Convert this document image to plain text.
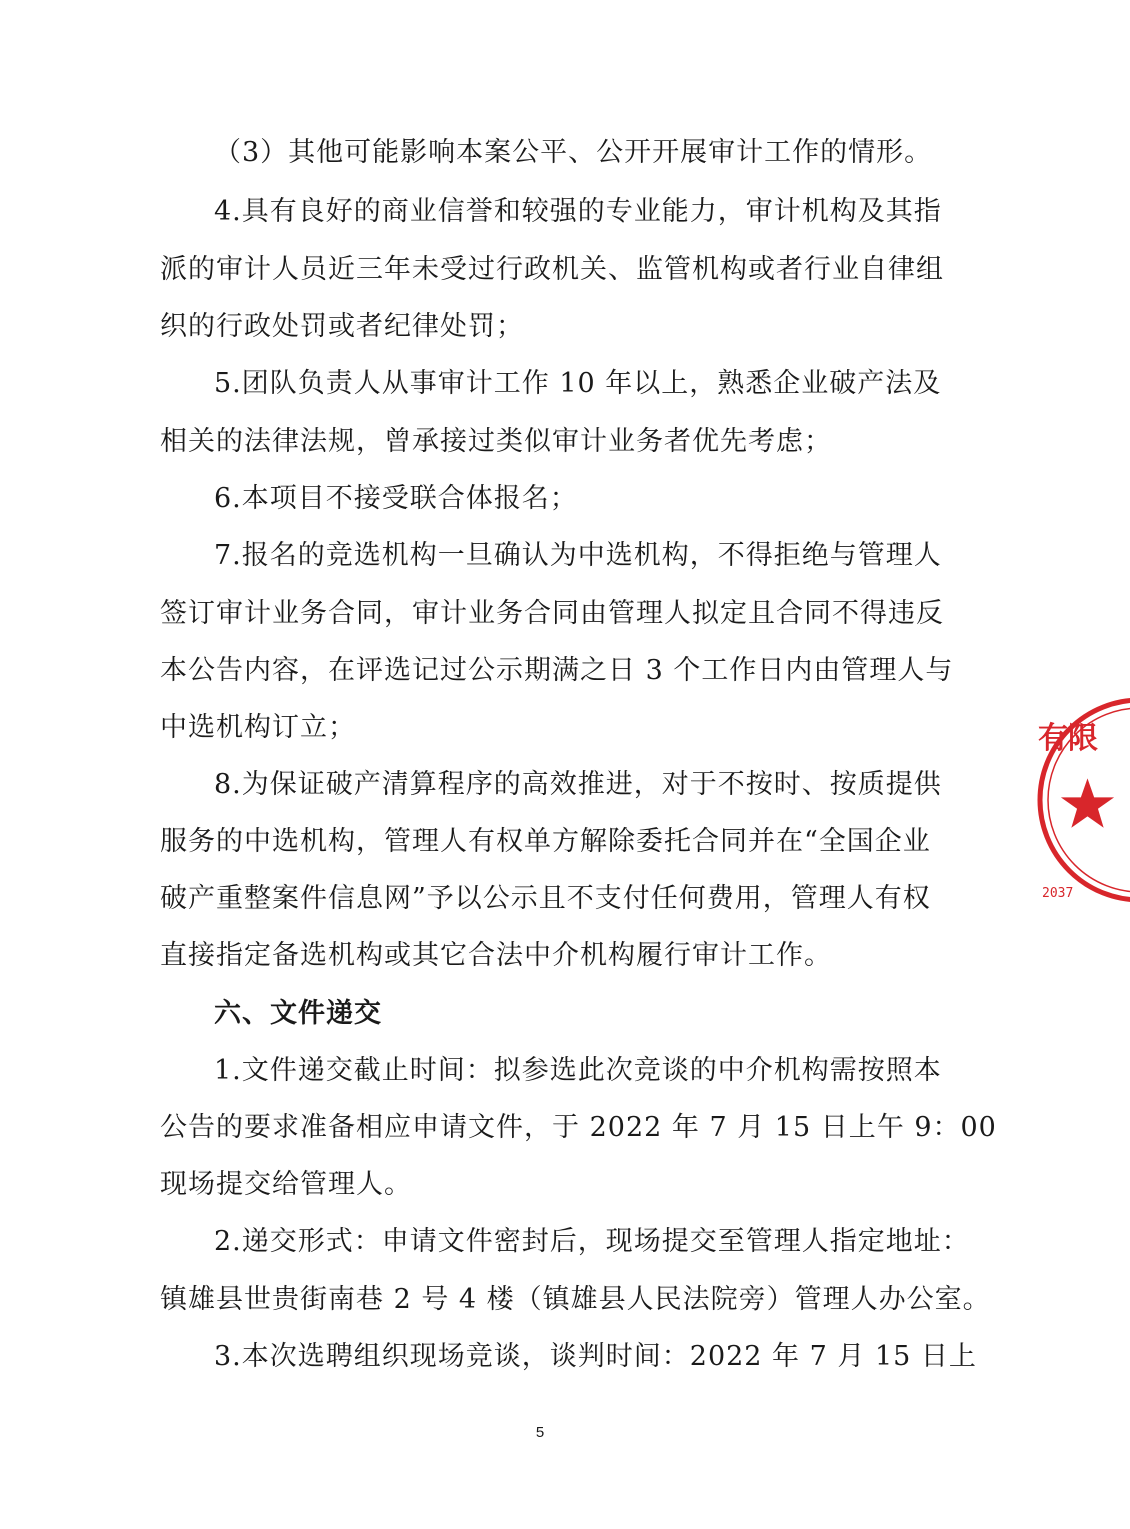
（3）其他可能影响本案公平、公开开展审计工作的情形。
4.具有良好的商业信誉和较强的专业能力，审计机构及其指
派的审计人员近三年未受过行政机关、监管机构或者行业自律组
织的行政处罚或者纪律处罚；
5.团队负责人从事审计工作 10 年以上，熟悉企业破产法及
相关的法律法规，曾承接过类似审计业务者优先考虑；
6.本项目不接受联合体报名；
7.报名的竞选机构一旦确认为中选机构，不得拒绝与管理人
签订审计业务合同，审计业务合同由管理人拟定且合同不得违反
本公告内容，在评选记过公示期满之日 3 个工作日内由管理人与
中选机构订立；
8.为保证破产清算程序的高效推进，对于不按时、按质提供
服务的中选机构，管理人有权单方解除委托合同并在“全国企业
破产重整案件信息网”予以公示且不支付任何费用，管理人有权
直接指定备选机构或其它合法中介机构履行审计工作。
六、文件递交
1.文件递交截止时间：拟参选此次竞谈的中介机构需按照本
公告的要求准备相应申请文件，于 2022 年 7 月 15 日上午 9：00
现场提交给管理人。
2.递交形式：申请文件密封后，现场提交至管理人指定地址：
镇雄县世贵街南巷 2 号 4 楼（镇雄县人民法院旁）管理人办公室。
3.本次选聘组织现场竞谈，谈判时间：2022 年 7 月 15 日上
5
有限
2037
